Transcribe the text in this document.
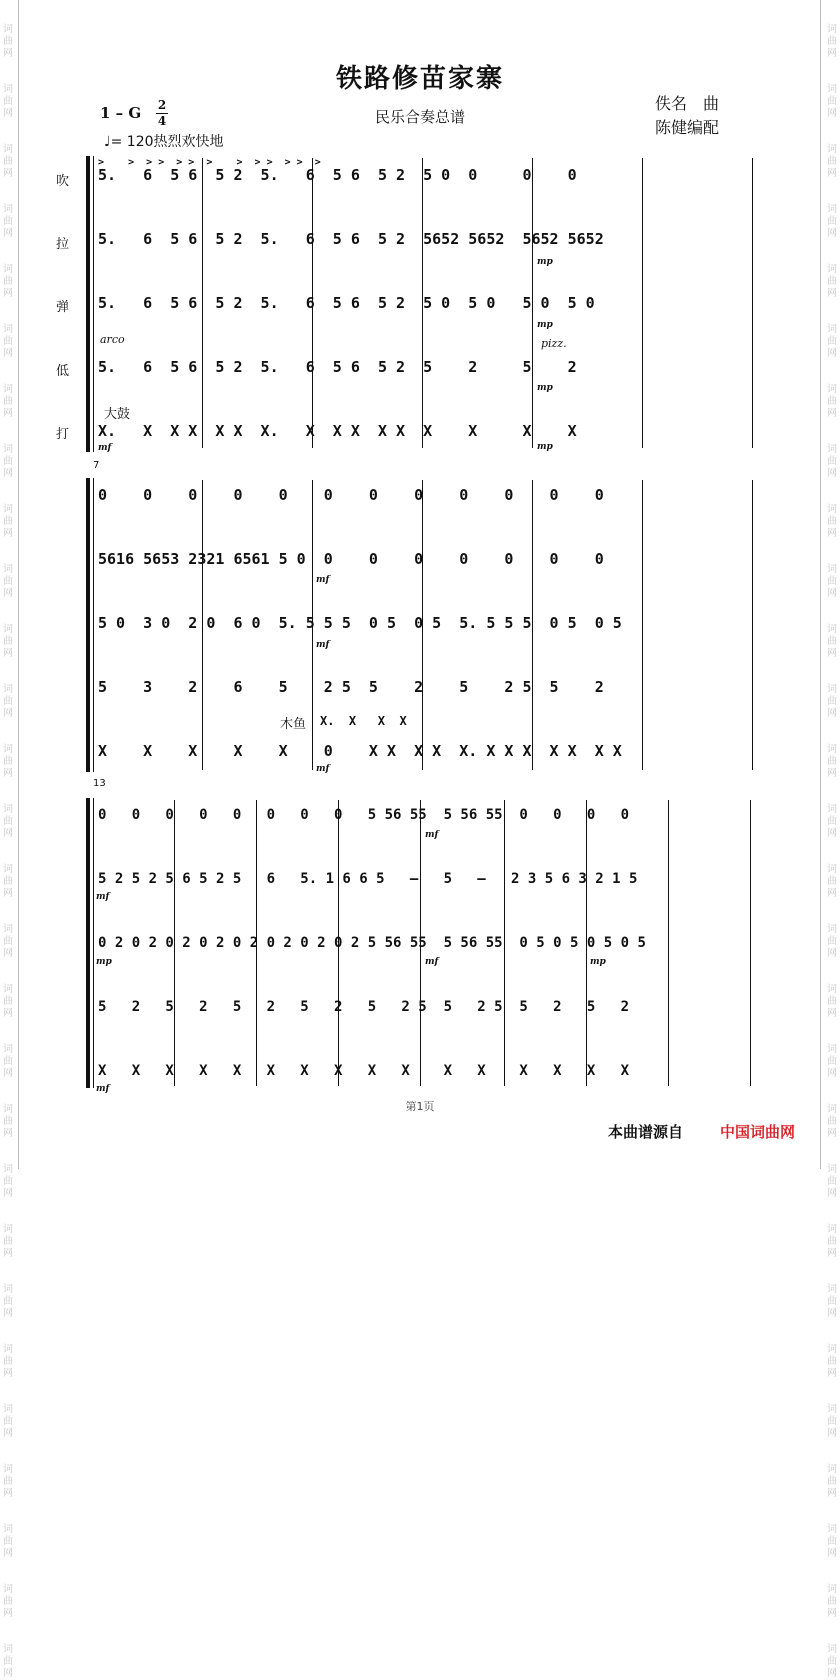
词
曲
网
词
曲
网
词
曲
网
词
曲
网
词
曲
网
词
曲
网
词
曲
网
词
曲
网
词
曲
网
词
曲
网
词
曲
网
词
曲
网
词
曲
网
词
曲
网
词
曲
网
词
曲
网
词
曲
网
词
曲
网
词
曲
网
词
曲
网
词
曲
网
词
曲
网
词
曲
网
词
曲
网
词
曲
网
词
曲
网
词
曲
网
词
曲
网
词
曲
网
词
曲
网
词
曲
网
词
曲
网
词
曲
网
词
曲
网
词
曲
网
词
曲
网
词
曲
网
词
曲
网
词
曲
网
词
曲
网
词
曲
网
词
曲
网
词
曲
网
词
曲
网
词
曲
网
词
曲
网
词
曲
网
词
曲
网
词
曲
网
词
曲
网
词
曲
网
词
曲
网
词
曲
网
词
曲
网
词
曲
网
词
曲
网
铁路修苗家寨
民乐合奏总谱
1 – G 2
4
♩= 120热烈欢快地
佚名　曲
陈健编配
吹
拉
弹
低
打
>    >  > >  > >  >    >  > >  > >  >
5.   6  5 6  5 2  5.   6  5 6  5 2  5 0  0     0    0
5.   6  5 6  5 2  5.   6  5 6  5 2  5652 5652  5652 5652
5.   6  5 6  5 2  5.   6  5 6  5 2  5 0  5 0   5 0  5 0
5.   6  5 6  5 2  5.   6  5 6  5 2  5    2     5    2
X.   X  X X  X X  X.   X  X X  X X  X    X     X    X
arco	pizz.
大鼓
mf
mp
mp
mp
mp
7
0    0    0    0    0    0    0    0    0    0    0    0
5616 5653 2321 6561 5 0  0    0    0    0    0    0    0
5 0  3 0  2 0  6 0  5. 5 5 5  0 5  0 5  5. 5 5 5  0 5  0 5
5    3    2    6    5    2 5  5    2    5    2 5  5    2
X.  X   X  X
X    X    X    X    X    0    X X  X X  X. X X X  X X  X X
木鱼
mf
mf
mf
13
0   0   0   0   0   0   0   0   5 56 55  5 56 55  0   0   0   0
5 2 5 2 5 6 5 2 5   6   5. 1 6 6 5   –   5   –   2 3 5 6 3 2 1 5
0 2 0 2 0 2 0 2 0 2 0 2 0 2 0 2 5 56 55  5 56 55  0 5 0 5 0 5 0 5
5   2   5   2   5   2   5   2   5   2 5  5   2 5  5   2   5   2
X   X   X   X   X   X   X   X   X   X    X   X    X   X   X   X
mf
mp
mf
mf
mf	mp
第1页
本曲谱源自 中国词曲网
